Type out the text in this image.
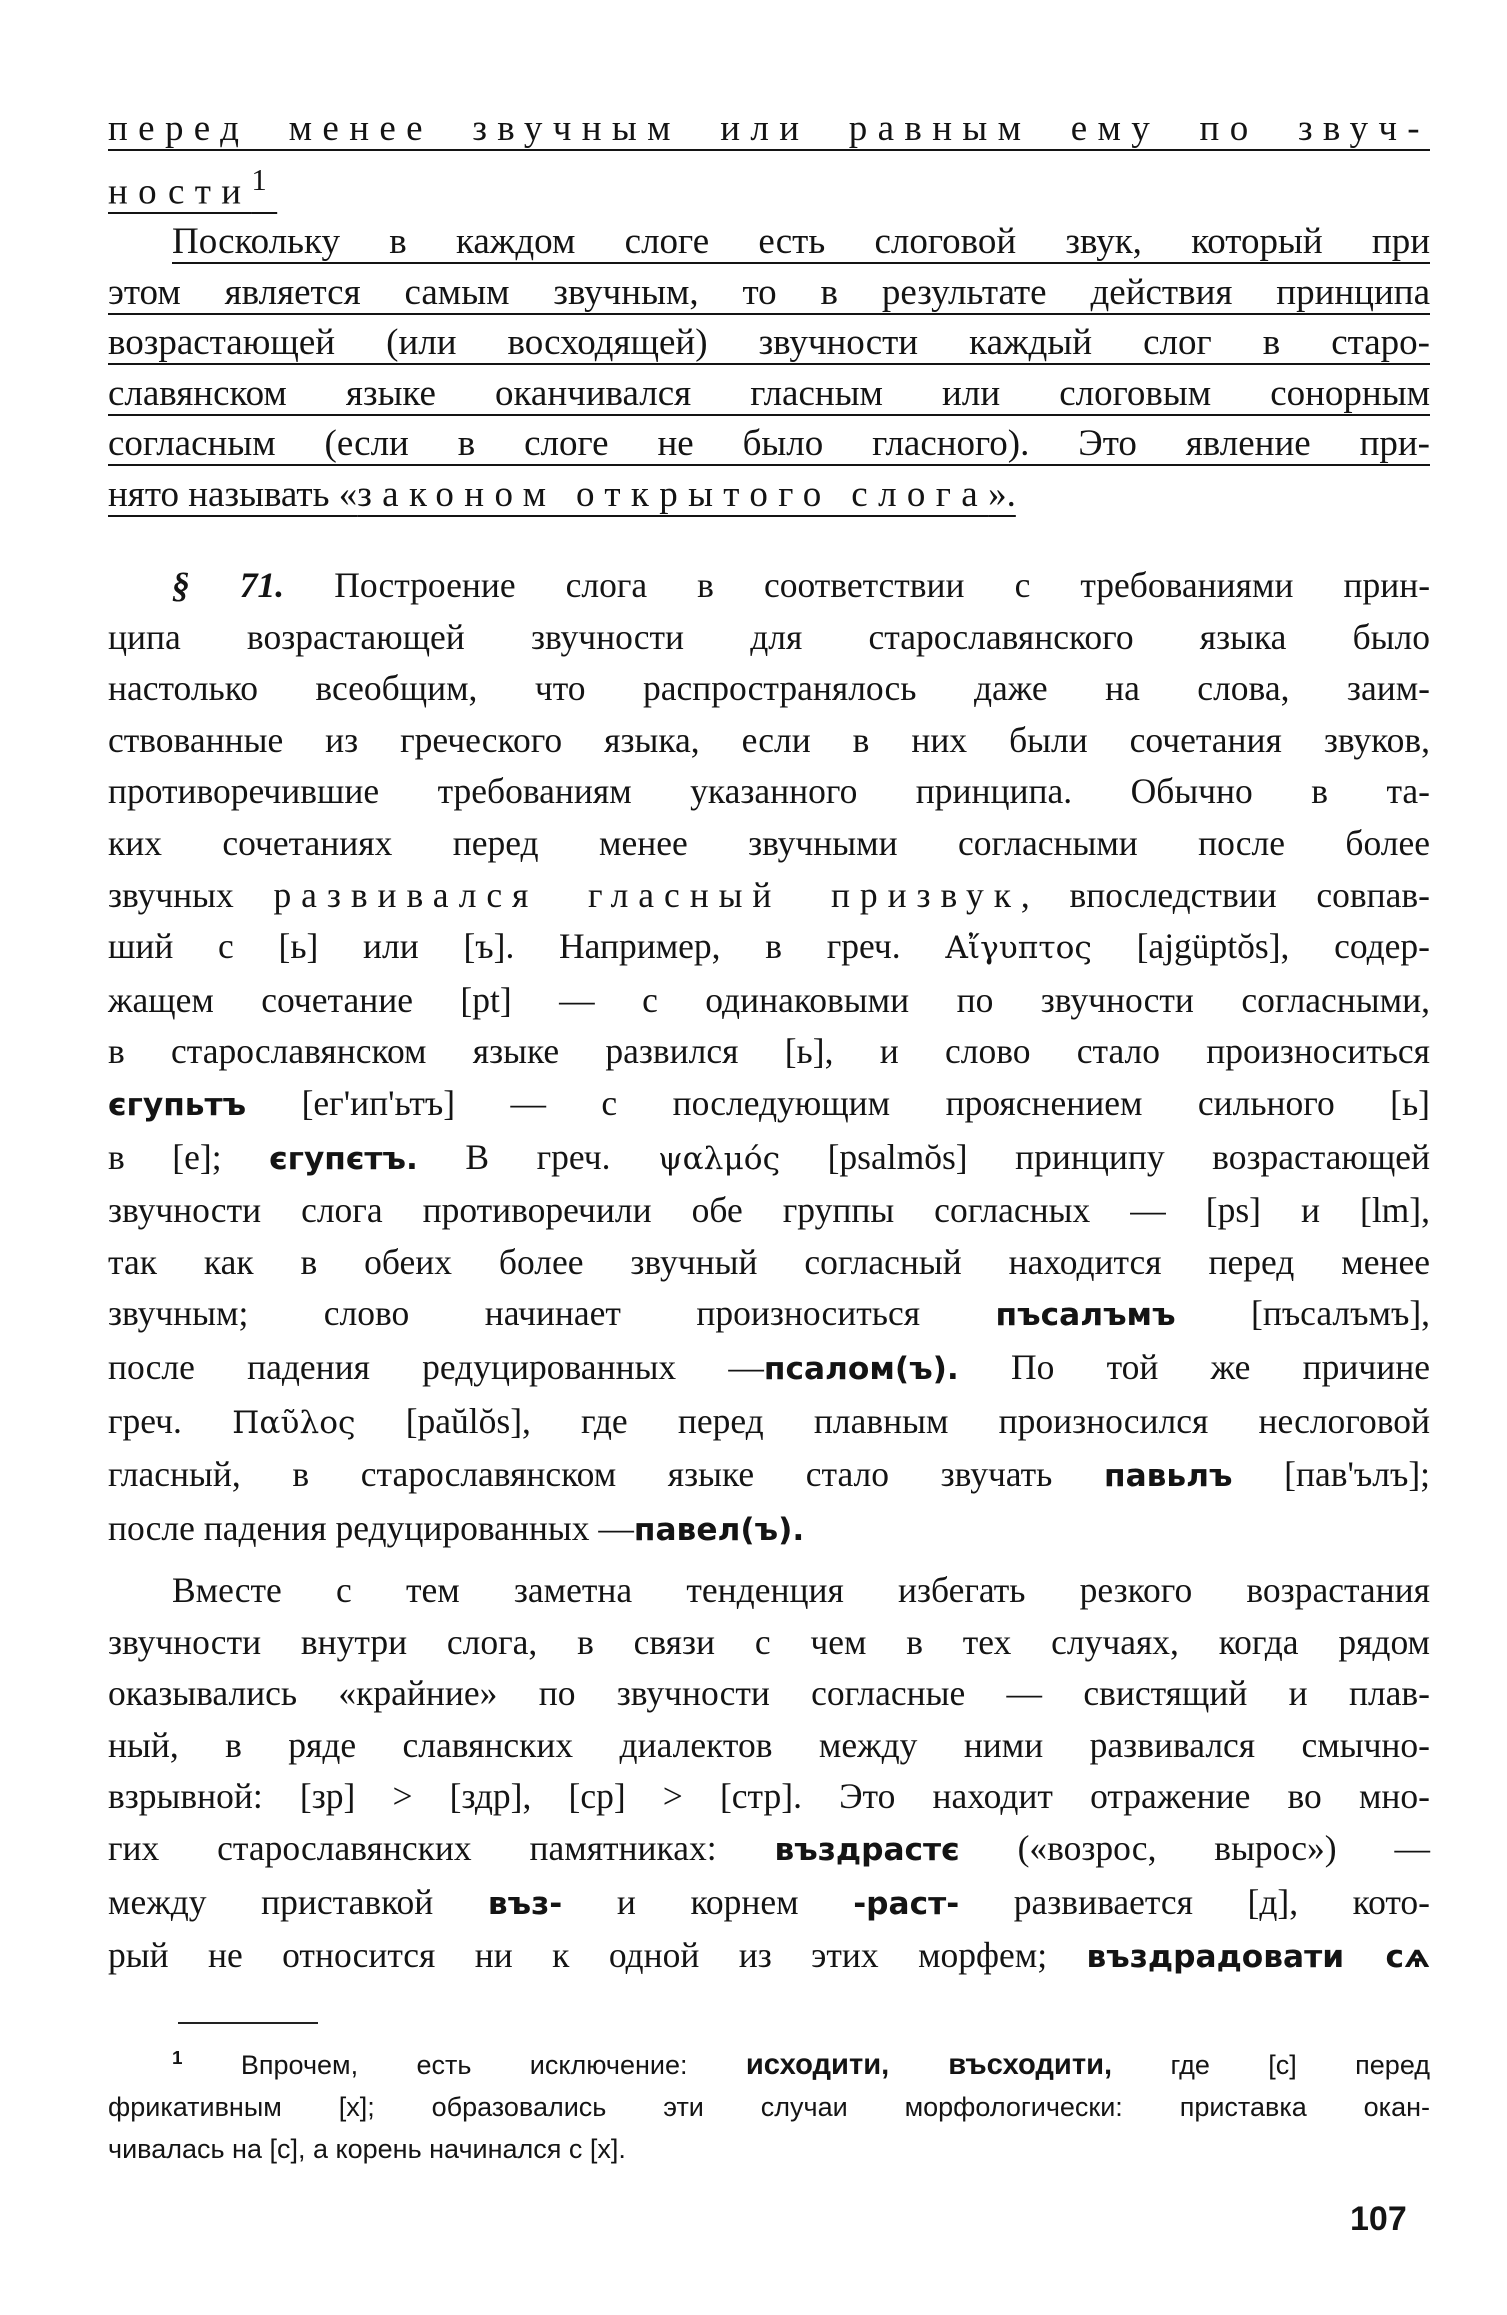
перед менее звучным или равным ему по звуч-
ности$^1$
Поскольку в каждом слоге есть слоговой звук, который при
этом является самым звучным, то в результате действия принципа
возрастающей (или восходящей) звучности каждый слог в старо-
славянском языке оканчивался гласным или слоговым сонорным
согласным (если в слоге не было гласного). Это явление при-
нято называть «законом открытого слога».
§ 71. Построение слога в соответствии с требованиями прин-
ципа возрастающей звучности для старославянского языка было
настолько всеобщим, что распространялось даже на слова, заим-
ствованные из греческого языка, если в них были сочетания звуков,
противоречившие требованиям указанного принципа. Обычно в та-
ких сочетаниях перед менее звучными согласными после более
звучных развивался гласный призвук, впоследствии совпав-
ший с [ь] или [ъ]. Например, в греч. Αἴγυπτος [ajgüptŏs], содер-
жащем сочетание [pt] — с одинаковыми по звучности согласными,
в старославянском языке развился [ь], и слово стало произноситься
єгупьтъ [ег'ип'ьтъ] — с последующим прояснением сильного [ь]
в [е]; єгупєтъ. В греч. ψαλμός [psalmŏs] принципу возрастающей
звучности слога противоречили обе группы согласных — [ps] и [lm],
так как в обеих более звучный согласный находится перед менее
звучным; слово начинает произноситься пъсалъмъ [пъсалъмъ],
после падения редуцированных —псалом(ъ). По той же причине
греч. Παῦλος [paŭlŏs], где перед плавным произносился неслоговой
гласный, в старославянском языке стало звучать павьлъ [пав'ълъ];
после падения редуцированных —павел(ъ).
Вместе с тем заметна тенденция избегать резкого возрастания
звучности внутри слога, в связи с чем в тех случаях, когда рядом
оказывались «крайние» по звучности согласные — свистящий и плав-
ный, в ряде славянских диалектов между ними развивался смычно-
взрывной: [зр] > [здр], [ср] > [стр]. Это находит отражение во мно-
гих старославянских памятниках: въздрастє («возрос, вырос») —
между приставкой въз- и корнем -раст- развивается [д], кото-
рый не относится ни к одной из этих морфем; въздрадовати сѧ
$^1$ Впрочем, есть исключение: исходити, въсходити, где [с] перед
фрикативным [х]; образовались эти случаи морфологически: приставка окан-
чивалась на [с], а корень начинался с [х].
107
